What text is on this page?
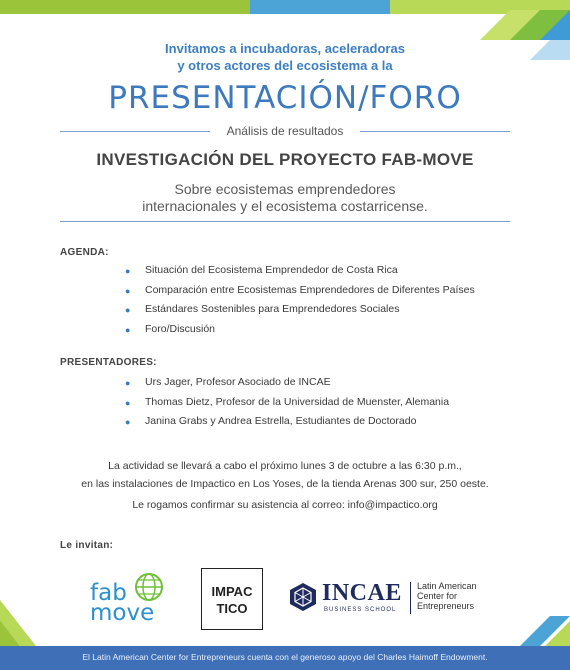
Invitamos a incubadoras, aceleradoras
y otros actores del ecosistema a la
PRESENTACIÓN/FORO
Análisis de resultados
INVESTIGACIÓN DEL PROYECTO FAB-MOVE
Sobre ecosistemas emprendedores
internacionales y el ecosistema costarricense.
AGENDA:
● Situación del Ecosistema Emprendedor de Costa Rica
● Comparación entre Ecosistemas Emprendedores de Diferentes Países
● Estándares Sostenibles para Emprendedores Sociales
● Foro/Discusión
PRESENTADORES:
● Urs Jager, Profesor Asociado de INCAE
● Thomas Dietz, Profesor de la Universidad de Muenster, Alemania
● Janina Grabs y Andrea Estrella, Estudiantes de Doctorado
La actividad se llevará a cabo el próximo lunes 3 de octubre a las 6:30 p.m.,
en las instalaciones de Impactico en Los Yoses, de la tienda Arenas 300 sur, 250 oeste.
Le rogamos confirmar su asistencia al correo: info@impactico.org
Le invitan:
fab
move
IMPAC
TICO
INCAE
BUSINESS SCHOOL
Latin American
Center for
Entrepreneurs
El Latin American Center for Entrepreneurs cuenta con el generoso apoyo del Charles Haimoff Endowment.
